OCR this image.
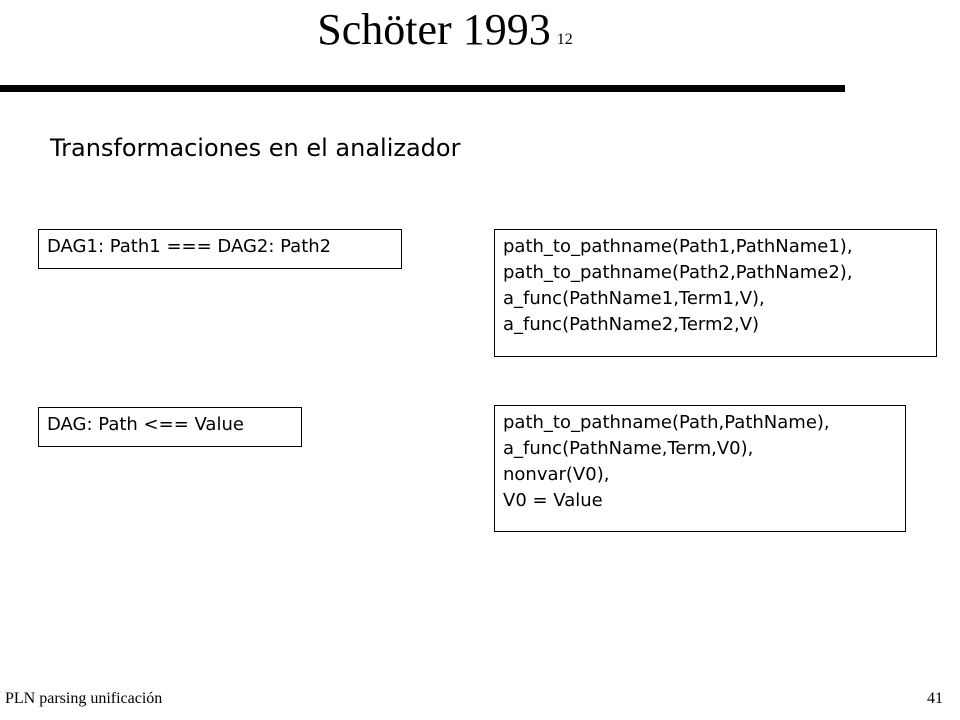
Schöter 1993 12
Transformaciones en el analizador
DAG1: Path1 === DAG2: Path2	path_to_pathname(Path1,PathName1),
path_to_pathname(Path2,PathName2),
a_func(PathName1,Term1,V),
a_func(PathName2,Term2,V)
DAG: Path <== Value	path_to_pathname(Path,PathName),
a_func(PathName,Term,V0),
nonvar(V0),
V0 = Value
PLN parsing unificación	41
